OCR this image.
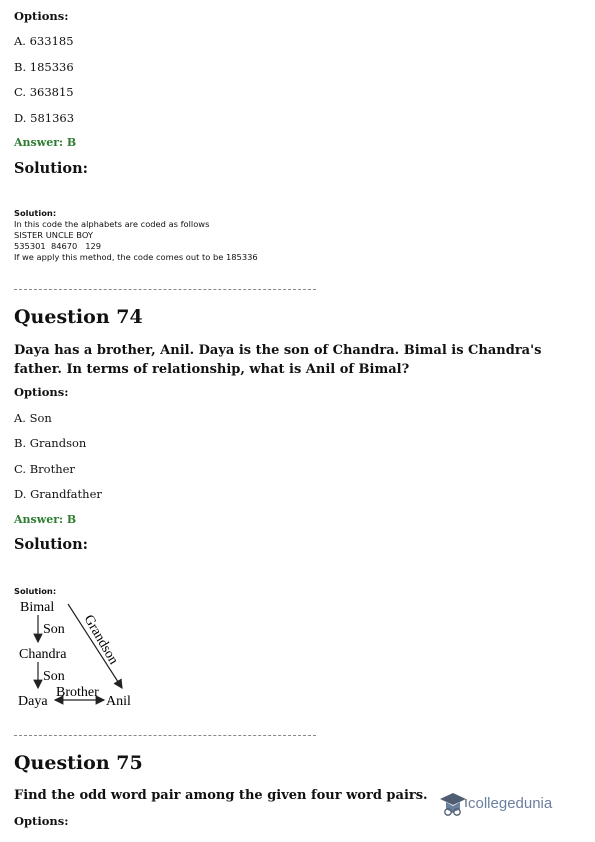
Options:
A. 633185
B. 185336
C. 363815
D. 581363
Answer: B
Solution:
Solution:
In this code the alphabets are coded as follows
SISTER UNCLE BOY
535301  84670   129
If we apply this method, the code comes out to be 185336
Question 74
Daya has a brother, Anil. Daya is the son of Chandra. Bimal is Chandra's father. In terms of relationship, what is Anil of Bimal?
Options:
A. Son
B. Grandson
C. Brother
D. Grandfather
Answer: B
Solution:
Solution:
Bimal
Son
Chandra
Son
Daya
Brother
Anil
Grandson
Question 75
Find the odd word pair among the given four word pairs.
Options:
collegedunia
